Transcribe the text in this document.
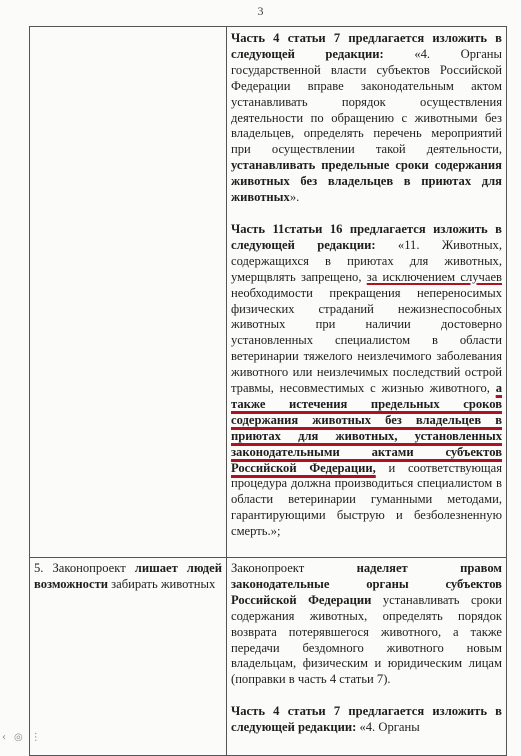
3

Часть 4 статьи 7 предлагается изложить в следующей редакции: «4. Органы государственной власти субъектов Российской Федерации вправе законодательным актом устанавливать порядок осуществления деятельности по обращению с животными без владельцев, определять перечень мероприятий при осуществлении такой деятельности, устанавливать предельные сроки содержания животных без владельцев в приютах для животных».

Часть 11статьи 16 предлагается изложить в следующей редакции: «11. Животных, содержащихся в приютах для животных, умерщвлять запрещено, за исключением случаев необходимости прекращения непереносимых физических страданий нежизнеспособных животных при наличии достоверно установленных специалистом в области ветеринарии тяжелого неизлечимого заболевания животного или неизлечимых последствий острой травмы, несовместимых с жизнью животного, а также истечения предельных сроков содержания животных без владельцев в приютах для животных, установленных законодательными актами субъектов Российской Федерации, и соответствующая процедура должна производиться специалистом в области ветеринарии гуманными методами, гарантирующими быструю и безболезненную смерть.»;

5. Законопроект лишает людей возможности забирать животных

Законопроект наделяет правом законодательные органы субъектов Российской Федерации устанавливать сроки содержания животных, определять порядок возврата потерявшегося животного, а также передачи бездомного животного новым владельцам, физическим и юридическим лицам (поправки в часть 4 статьи 7).

Часть 4 статьи 7 предлагается изложить в следующей редакции: «4. Органы

‹ ◎ ⋮
